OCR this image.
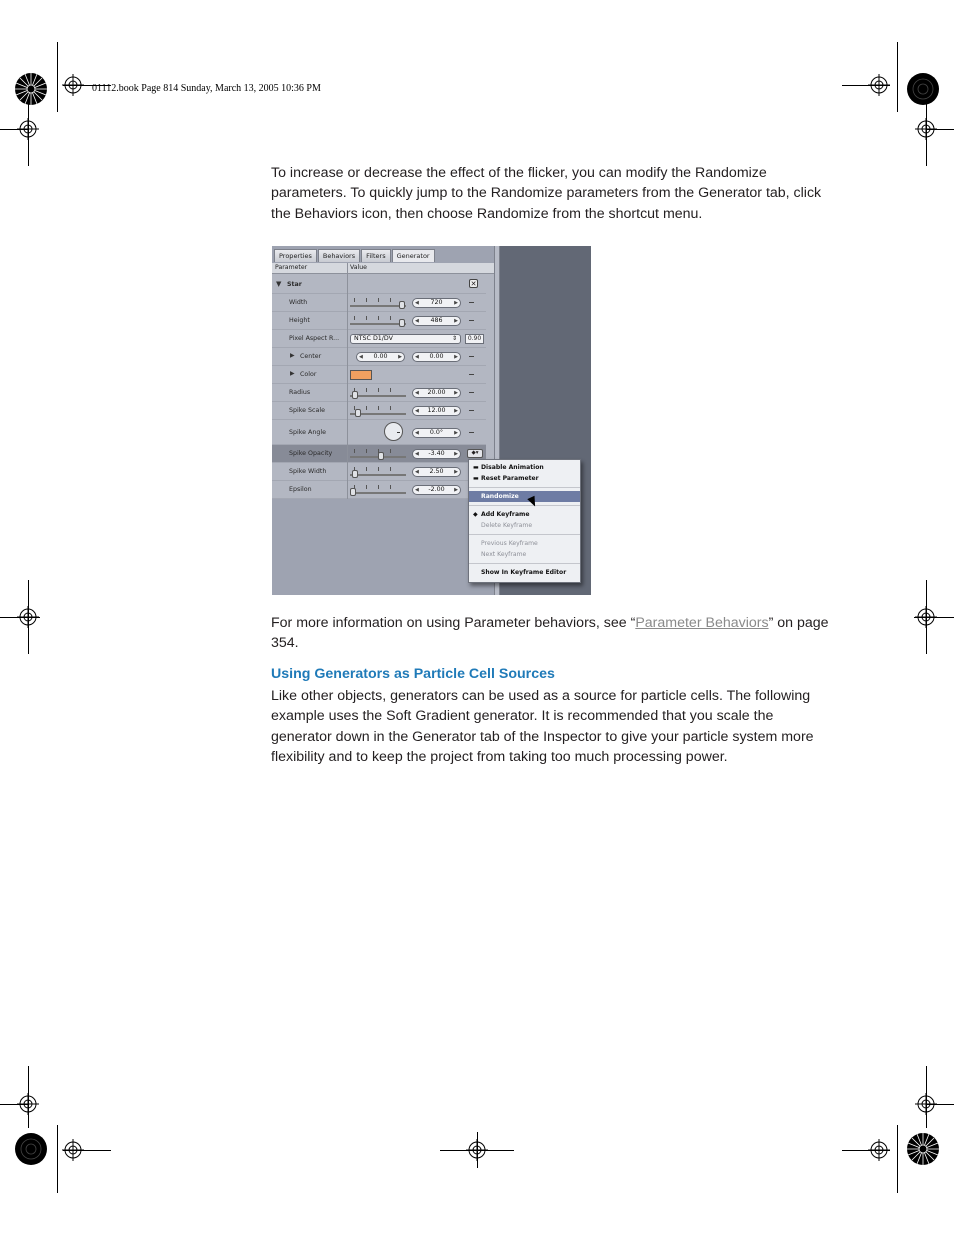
01112.book Page 814 Sunday, March 13, 2005 10:36 PM

To increase or decrease the effect of the flicker, you can modify the Randomize parameters. To quickly jump to the Randomize parameters from the Generator tab, click the Behaviors icon, then choose Randomize from the shortcut menu.

Properties	Behaviors	Filters	Generator
Parameter	Value
▼ Star	✕
Width	◀ 720 ▶
Height	◀ 486 ▶
Pixel Aspect R...	NTSC D1/DV	⇕	0.90
▶ Center	◀ 0.00 ▶	◀ 0.00 ▶
▶ Color
Radius	◀ 20.00 ▶
Spike Scale	◀ 12.00 ▶
Spike Angle	◀ 0.0° ▶
Spike Opacity	◀ -3.40 ▶	◆▾
Spike Width	◀ 2.50 ▶
Epsilon	◀ -2.00 ▶
▬ Disable Animation
▬ Reset Parameter
Randomize
◆ Add Keyframe
Delete Keyframe
Previous Keyframe
Next Keyframe
Show In Keyframe Editor

For more information on using Parameter behaviors, see “Parameter Behaviors” on page 354.

Using Generators as Particle Cell Sources

Like other objects, generators can be used as a source for particle cells. The following example uses the Soft Gradient generator. It is recommended that you scale the generator down in the Generator tab of the Inspector to give your particle system more flexibility and to keep the project from taking too much processing power.
